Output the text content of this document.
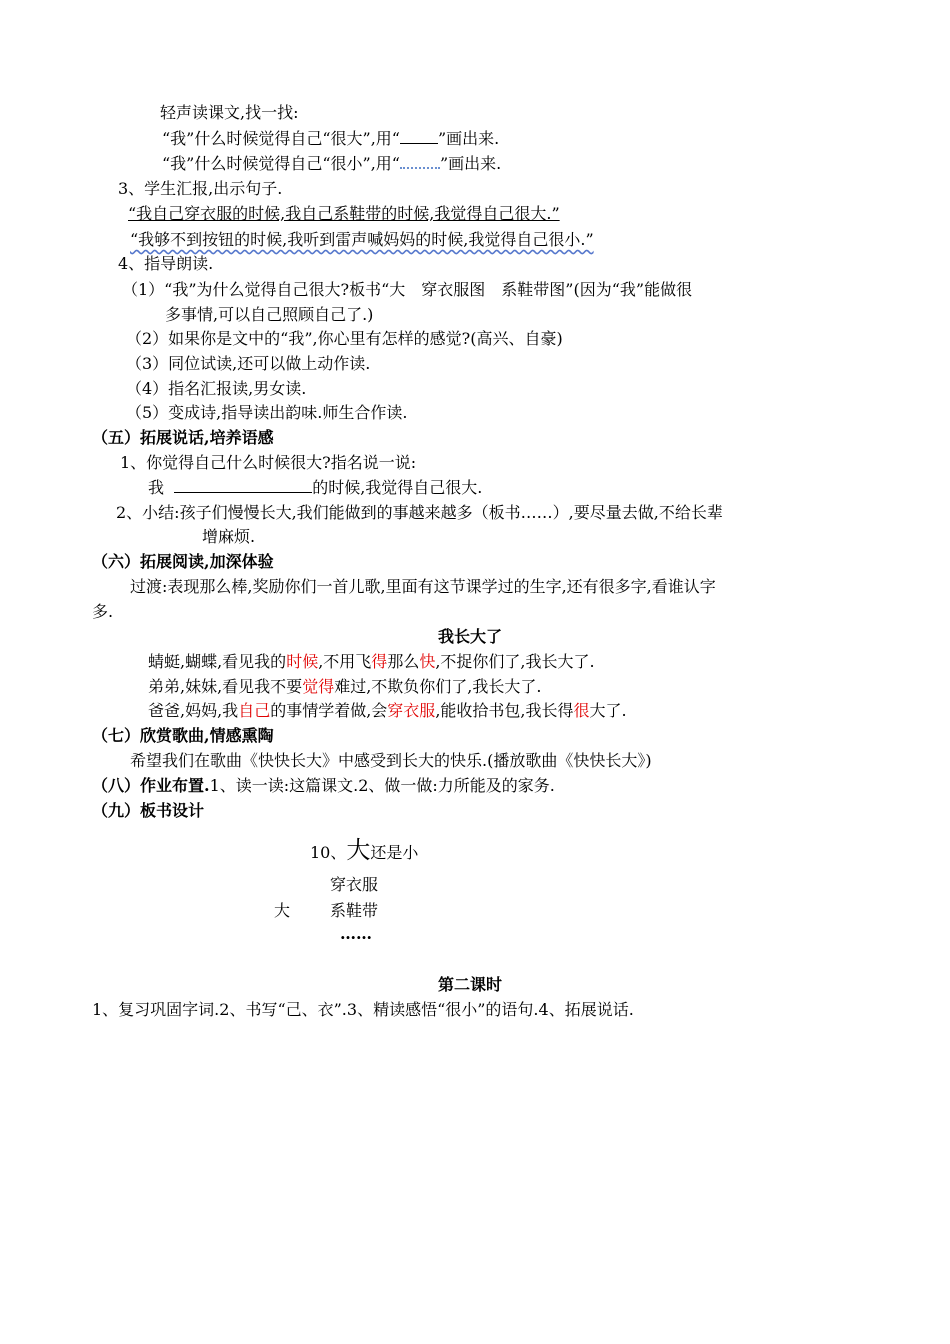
轻声读课文,找一找:
“我”什么时候觉得自己“很大”,用“ ”画出来.
“我”什么时候觉得自己“很小”,用“	”画出来.
3、学生汇报,出示句子.
“我自己穿衣服的时候,我自己系鞋带的时候,我觉得自己很大.”
“我够不到按钮的时候,我听到雷声喊妈妈的时候,我觉得自己很小.”
4、指导朗读.
（1）“我”为什么觉得自己很大?板书“大　穿衣服图　系鞋带图”(因为“我”能做很
多事情,可以自己照顾自己了.)
（2）如果你是文中的“我”,你心里有怎样的感觉?(高兴、自豪)
（3）同位试读,还可以做上动作读.
（4）指名汇报读,男女读.
（5）变成诗,指导读出韵味.师生合作读.
（五）拓展说话,培养语感
1、你觉得自己什么时候很大?指名说一说:
我	的时候,我觉得自己很大.
2、小结:孩子们慢慢长大,我们能做到的事越来越多（板书……）,要尽量去做,不给长辈
增麻烦.
（六）拓展阅读,加深体验
过渡:表现那么棒,奖励你们一首儿歌,里面有这节课学过的生字,还有很多字,看谁认字
多.
我长大了
蜻蜓,蝴蝶,看见我的时候,不用飞得那么快,不捉你们了,我长大了.
弟弟,妹妹,看见我不要觉得难过,不欺负你们了,我长大了.
爸爸,妈妈,我自己的事情学着做,会穿衣服,能收拾书包,我长得很大了.
（七）欣赏歌曲,情感熏陶
希望我们在歌曲《快快长大》中感受到长大的快乐.(播放歌曲《快快长大》)
（八）作业布置.1、读一读:这篇课文.2、做一做:力所能及的家务.
（九）板书设计
10、大还是小
穿衣服
大 系鞋带
……
第二课时
1、复习巩固字词.2、书写“己、衣”.3、精读感悟“很小”的语句.4、拓展说话.
